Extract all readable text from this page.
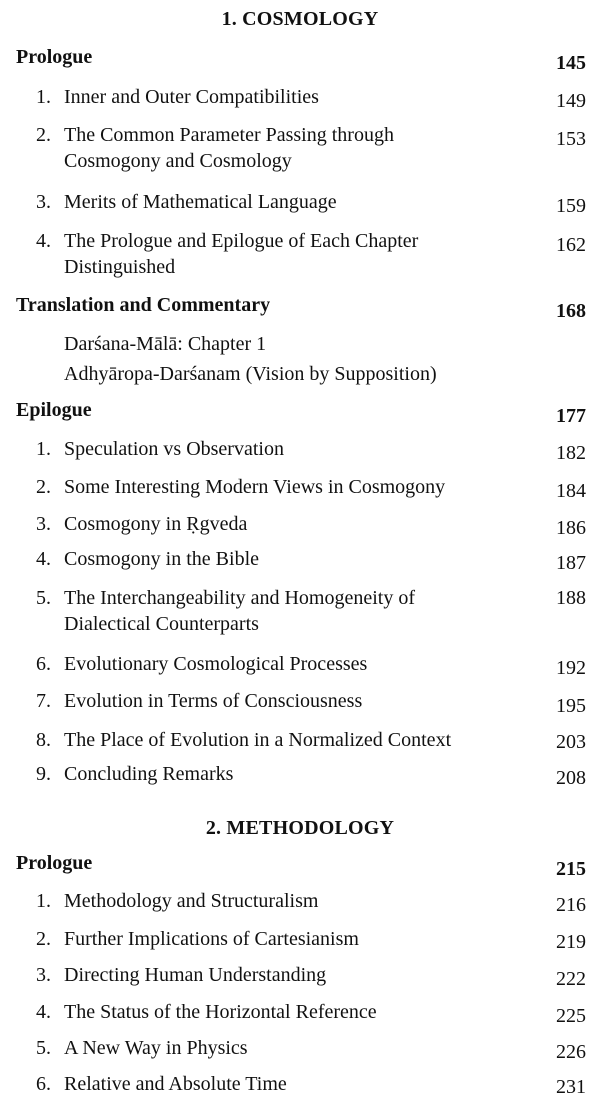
1. COSMOLOGY
Prologue	145
1. Inner and Outer Compatibilities	149
2. The Common Parameter Passing through
Cosmogony and Cosmology
153
3. Merits of Mathematical Language	159
4. The Prologue and Epilogue of Each Chapter
Distinguished
162
Translation and Commentary	168
Darśana-Mālā: Chapter 1
Adhyāropa-Darśanam (Vision by Supposition)
Epilogue	177
1. Speculation vs Observation	182
2. Some Interesting Modern Views in Cosmogony	184
3. Cosmogony in Ṛgveda	186
4. Cosmogony in the Bible	187
5. The Interchangeability and Homogeneity of
Dialectical Counterparts
188
6. Evolutionary Cosmological Processes	192
7. Evolution in Terms of Consciousness	195
8. The Place of Evolution in a Normalized Context	203
9. Concluding Remarks	208
2. METHODOLOGY
Prologue	215
1. Methodology and Structuralism	216
2. Further Implications of Cartesianism	219
3. Directing Human Understanding	222
4. The Status of the Horizontal Reference	225
5. A New Way in Physics	226
6. Relative and Absolute Time	231
